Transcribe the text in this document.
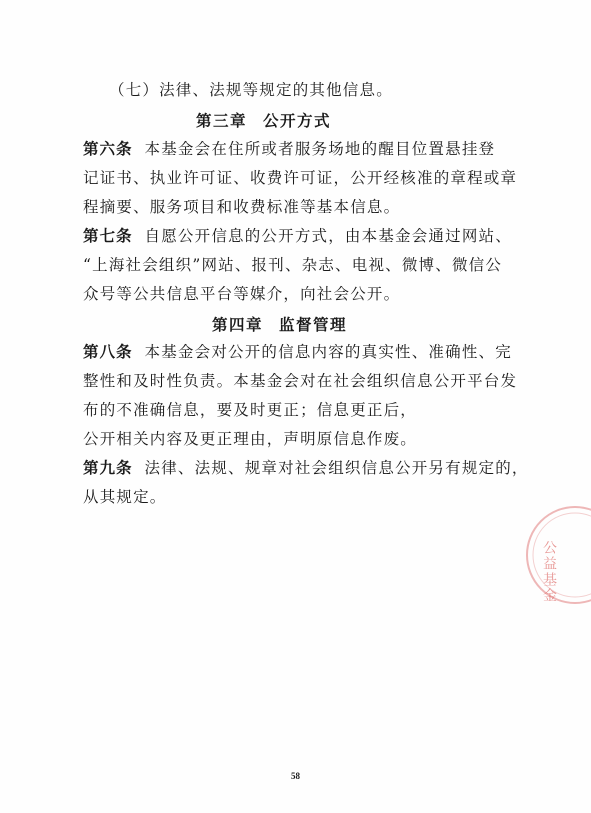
（七）法律、法规等规定的其他信息。
第三章 公开方式
第六条 本基金会在住所或者服务场地的醒目位置悬挂登
记证书、执业许可证、收费许可证，公开经核准的章程或章
程摘要、服务项目和收费标准等基本信息。
第七条 自愿公开信息的公开方式，由本基金会通过网站、
“上海社会组织”网站、报刊、杂志、电视、微博、微信公
众号等公共信息平台等媒介，向社会公开。
第四章 监督管理
第八条 本基金会对公开的信息内容的真实性、准确性、完
整性和及时性负责。本基金会对在社会组织信息公开平台发
布的不准确信息，要及时更正；信息更正后，
公开相关内容及更正理由，声明原信息作废。
第九条 法律、法规、规章对社会组织信息公开另有规定的，
从其规定。
公益基金
58
